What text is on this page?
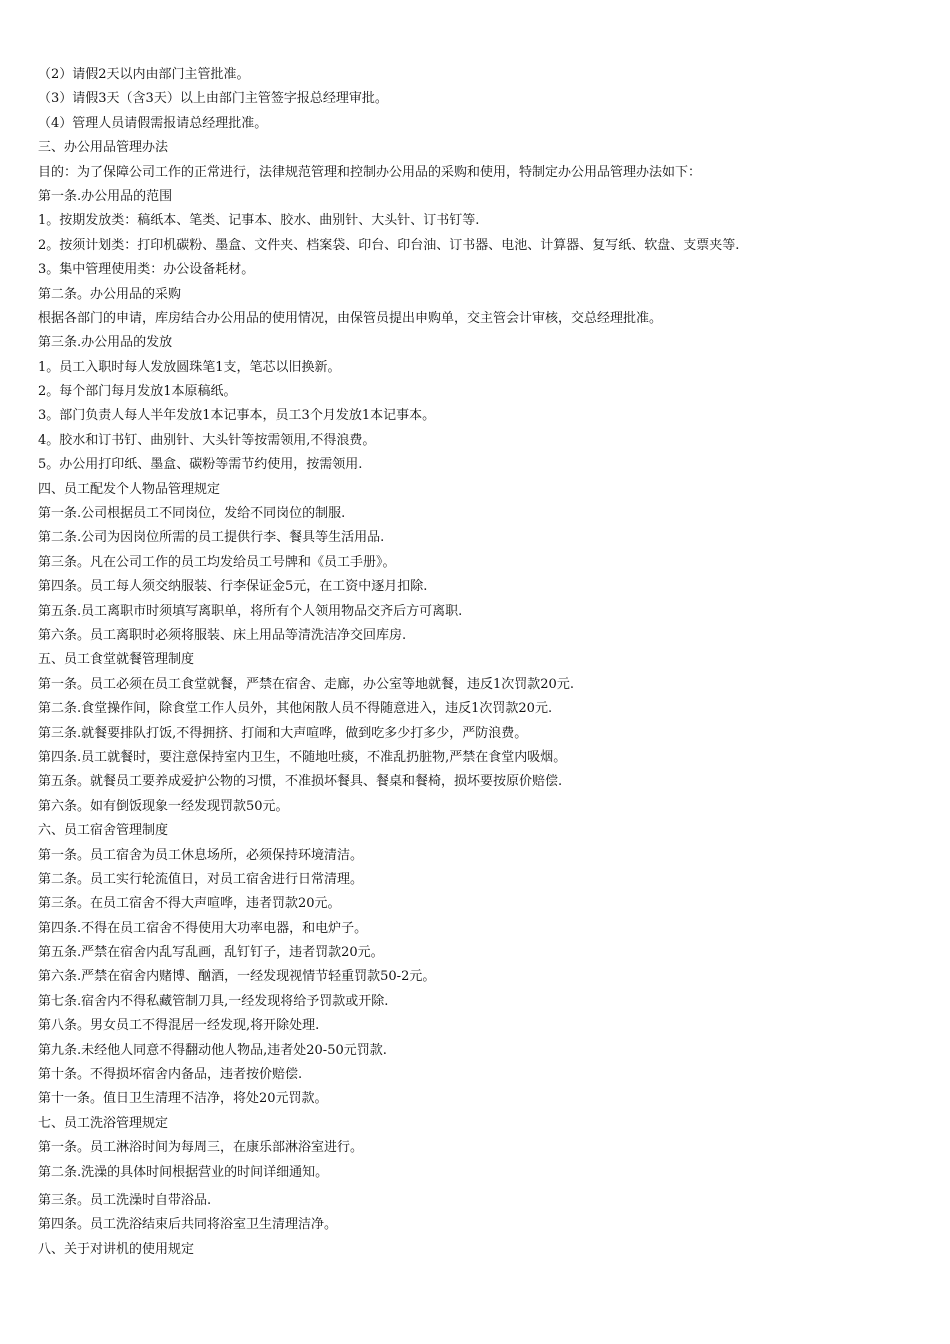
（2）请假2天以内由部门主管批准。
（3）请假3天（含3天）以上由部门主管签字报总经理审批。
（4）管理人员请假需报请总经理批准。
三、办公用品管理办法
目的：为了保障公司工作的正常进行，法律规范管理和控制办公用品的采购和使用，特制定办公用品管理办法如下：
第一条.办公用品的范围
1。按期发放类：稿纸本、笔类、记事本、胶水、曲别针、大头针、订书钉等.
2。按须计划类：打印机碳粉、墨盒、文件夹、档案袋、印台、印台油、订书器、电池、计算器、复写纸、软盘、支票夹等.
3。集中管理使用类：办公设备耗材。
第二条。办公用品的采购
根据各部门的申请，库房结合办公用品的使用情况，由保管员提出申购单，交主管会计审核，交总经理批准。
第三条.办公用品的发放
1。员工入职时每人发放圆珠笔1支，笔芯以旧换新。
2。每个部门每月发放1本原稿纸。
3。部门负责人每人半年发放1本记事本，员工3个月发放1本记事本。
4。胶水和订书钉、曲别针、大头针等按需领用,不得浪费。
5。办公用打印纸、墨盒、碳粉等需节约使用，按需领用.
四、员工配发个人物品管理规定
第一条.公司根据员工不同岗位，发给不同岗位的制服.
第二条.公司为因岗位所需的员工提供行李、餐具等生活用品.
第三条。凡在公司工作的员工均发给员工号牌和《员工手册》。
第四条。员工每人须交纳服装、行李保证金5元，在工资中逐月扣除.
第五条.员工离职市时须填写离职单，将所有个人领用物品交齐后方可离职.
第六条。员工离职时必须将服装、床上用品等清洗洁净交回库房.
五、员工食堂就餐管理制度
第一条。员工必须在员工食堂就餐，严禁在宿舍、走廊，办公室等地就餐，违反1次罚款20元.
第二条.食堂操作间，除食堂工作人员外，其他闲散人员不得随意进入，违反1次罚款20元.
第三条.就餐要排队打饭,不得拥挤、打闹和大声喧哗，做到吃多少打多少，严防浪费。
第四条.员工就餐时，要注意保持室内卫生，不随地吐痰，不准乱扔脏物,严禁在食堂内吸烟。
第五条。就餐员工要养成爱护公物的习惯，不准损坏餐具、餐桌和餐椅，损坏要按原价赔偿.
第六条。如有倒饭现象一经发现罚款50元。
六、员工宿舍管理制度
第一条。员工宿舍为员工休息场所，必须保持环境清洁。
第二条。员工实行轮流值日，对员工宿舍进行日常清理。
第三条。在员工宿舍不得大声喧哗，违者罚款20元。
第四条.不得在员工宿舍不得使用大功率电器，和电炉子。
第五条.严禁在宿舍内乱写乱画，乱钉钉子，违者罚款20元。
第六条.严禁在宿舍内赌博、酗酒，一经发现视情节轻重罚款50-2元。
第七条.宿舍内不得私藏管制刀具,一经发现将给予罚款或开除.
第八条。男女员工不得混居一经发现,将开除处理.
第九条.未经他人同意不得翻动他人物品,违者处20-50元罚款.
第十条。不得损坏宿舍内备品，违者按价赔偿.
第十一条。值日卫生清理不洁净，将处20元罚款。
七、员工洗浴管理规定
第一条。员工淋浴时间为每周三，在康乐部淋浴室进行。
第二条.洗澡的具体时间根据营业的时间详细通知。
第三条。员工洗澡时自带浴品.
第四条。员工洗浴结束后共同将浴室卫生清理洁净。
八、关于对讲机的使用规定
